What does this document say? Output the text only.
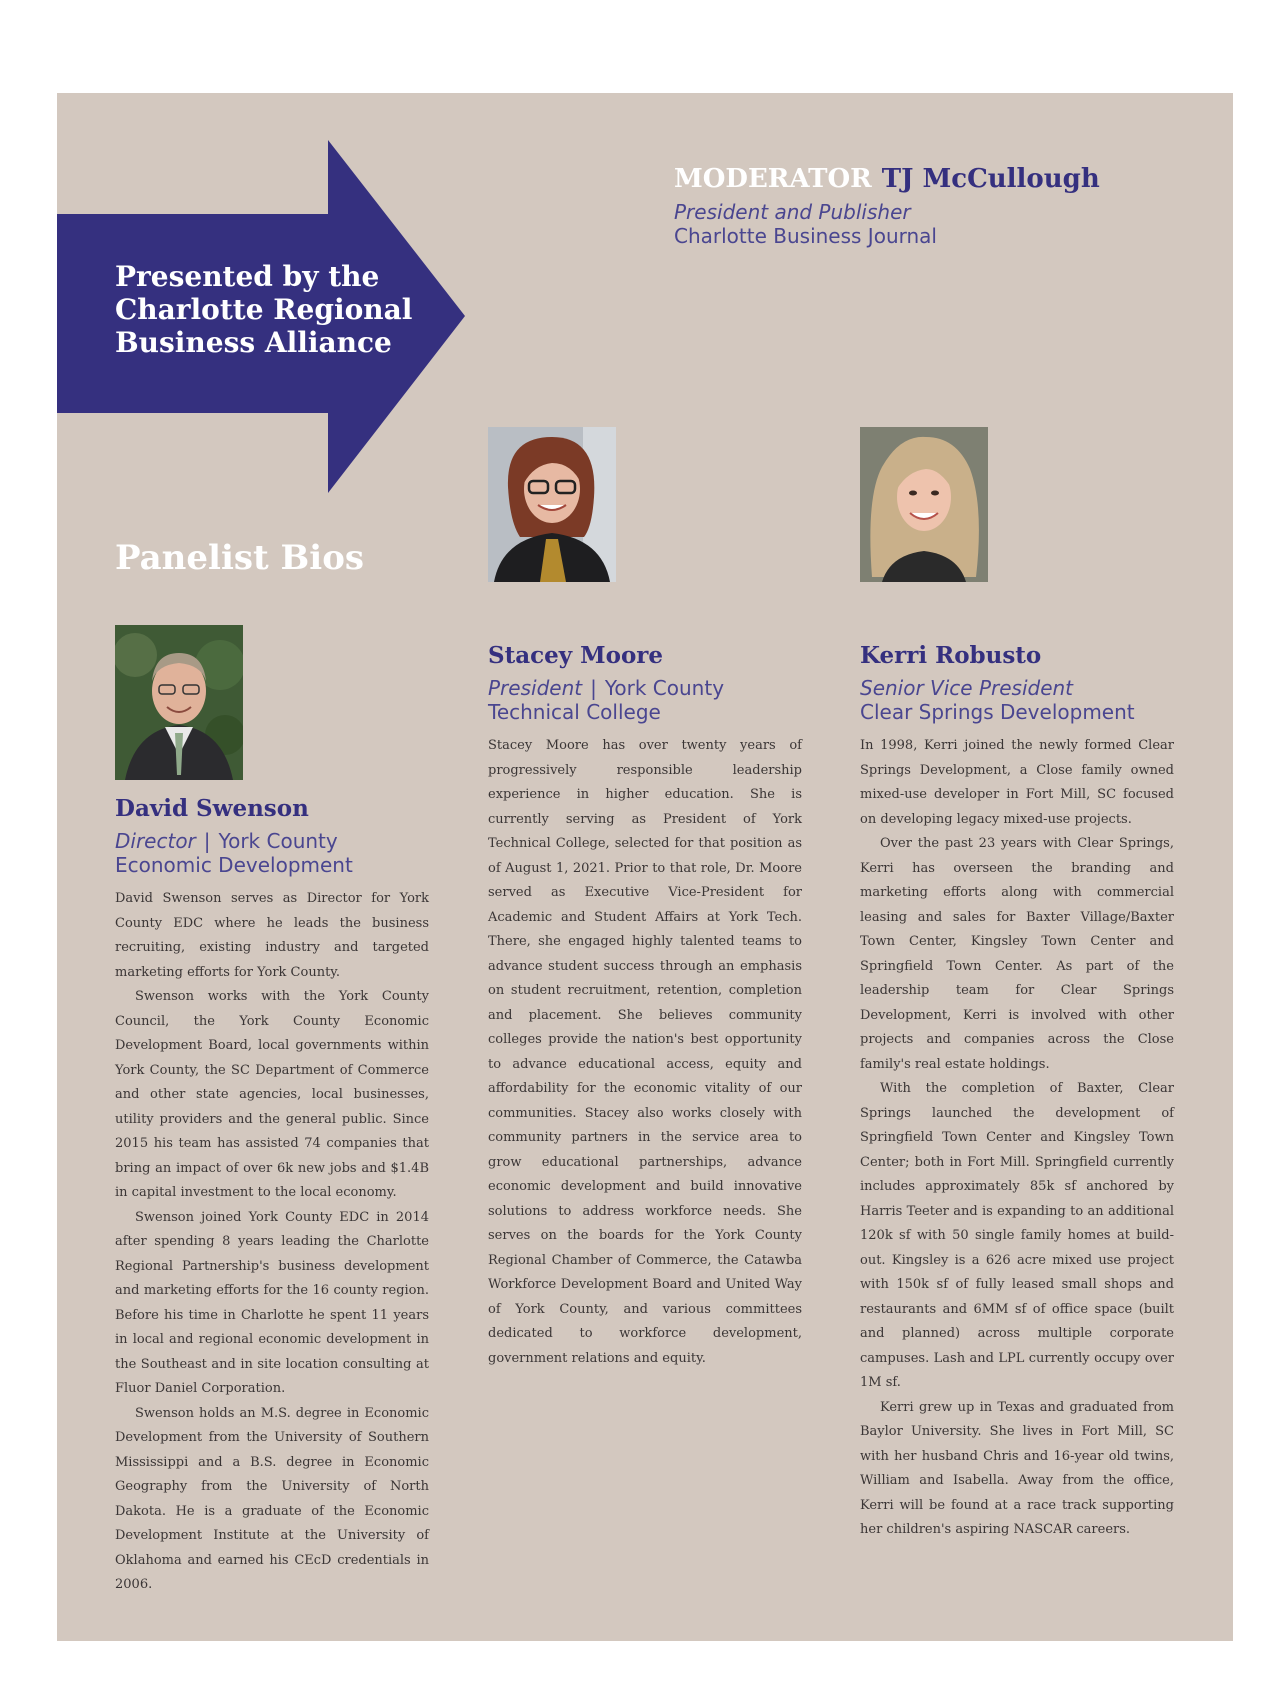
Presented by the
Charlotte Regional
Business Alliance
MODERATOR TJ McCullough
President and Publisher
Charlotte Business Journal
Panelist Bios
David Swenson
Director | York County
Economic Development

David Swenson serves as Director for York County EDC where he leads the business recruiting, existing industry and targeted marketing efforts for York County.

Swenson works with the York County Council, the York County Economic Development Board, local governments within York County, the SC Department of Commerce and other state agencies, local businesses, utility providers and the general public. Since 2015 his team has assisted 74 companies that bring an impact of over 6k new jobs and $1.4B in capital investment to the local economy.

Swenson joined York County EDC in 2014 after spending 8 years leading the Charlotte Regional Partnership's business development and marketing efforts for the 16 county region. Before his time in Charlotte he spent 11 years in local and regional economic development in the Southeast and in site location consulting at Fluor Daniel Corporation.

Swenson holds an M.S. degree in Economic Development from the University of Southern Mississippi and a B.S. degree in Economic Geography from the University of North Dakota. He is a graduate of the Economic Development Institute at the University of Oklahoma and earned his CEcD credentials in 2006.

Stacey Moore
President | York County
Technical College

Stacey Moore has over twenty years of progressively responsible leadership experience in higher education. She is currently serving as President of York Technical College, selected for that position as of August 1, 2021. Prior to that role, Dr. Moore served as Executive Vice-President for Academic and Student Affairs at York Tech. There, she engaged highly talented teams to advance student success through an emphasis on student recruitment, retention, completion and placement. She believes community colleges provide the nation's best opportunity to advance educational access, equity and affordability for the economic vitality of our communities. Stacey also works closely with community partners in the service area to grow educational partnerships, advance economic development and build innovative solutions to address workforce needs. She serves on the boards for the York County Regional Chamber of Commerce, the Catawba Workforce Development Board and United Way of York County, and various committees dedicated to workforce development, government relations and equity.

Kerri Robusto
Senior Vice President
Clear Springs Development

In 1998, Kerri joined the newly formed Clear Springs Development, a Close family owned mixed-use developer in Fort Mill, SC focused on developing legacy mixed-use projects.

Over the past 23 years with Clear Springs, Kerri has overseen the branding and marketing efforts along with commercial leasing and sales for Baxter Village/Baxter Town Center, Kingsley Town Center and Springfield Town Center. As part of the leadership team for Clear Springs Development, Kerri is involved with other projects and companies across the Close family's real estate holdings.

With the completion of Baxter, Clear Springs launched the development of Springfield Town Center and Kingsley Town Center; both in Fort Mill. Springfield currently includes approximately 85k sf anchored by Harris Teeter and is expanding to an additional 120k sf with 50 single family homes at build-out. Kingsley is a 626 acre mixed use project with 150k sf of fully leased small shops and restaurants and 6MM sf of office space (built and planned) across multiple corporate campuses. Lash and LPL currently occupy over 1M sf.

Kerri grew up in Texas and graduated from Baylor University. She lives in Fort Mill, SC with her husband Chris and 16-year old twins, William and Isabella. Away from the office, Kerri will be found at a race track supporting her children's aspiring NASCAR careers.
